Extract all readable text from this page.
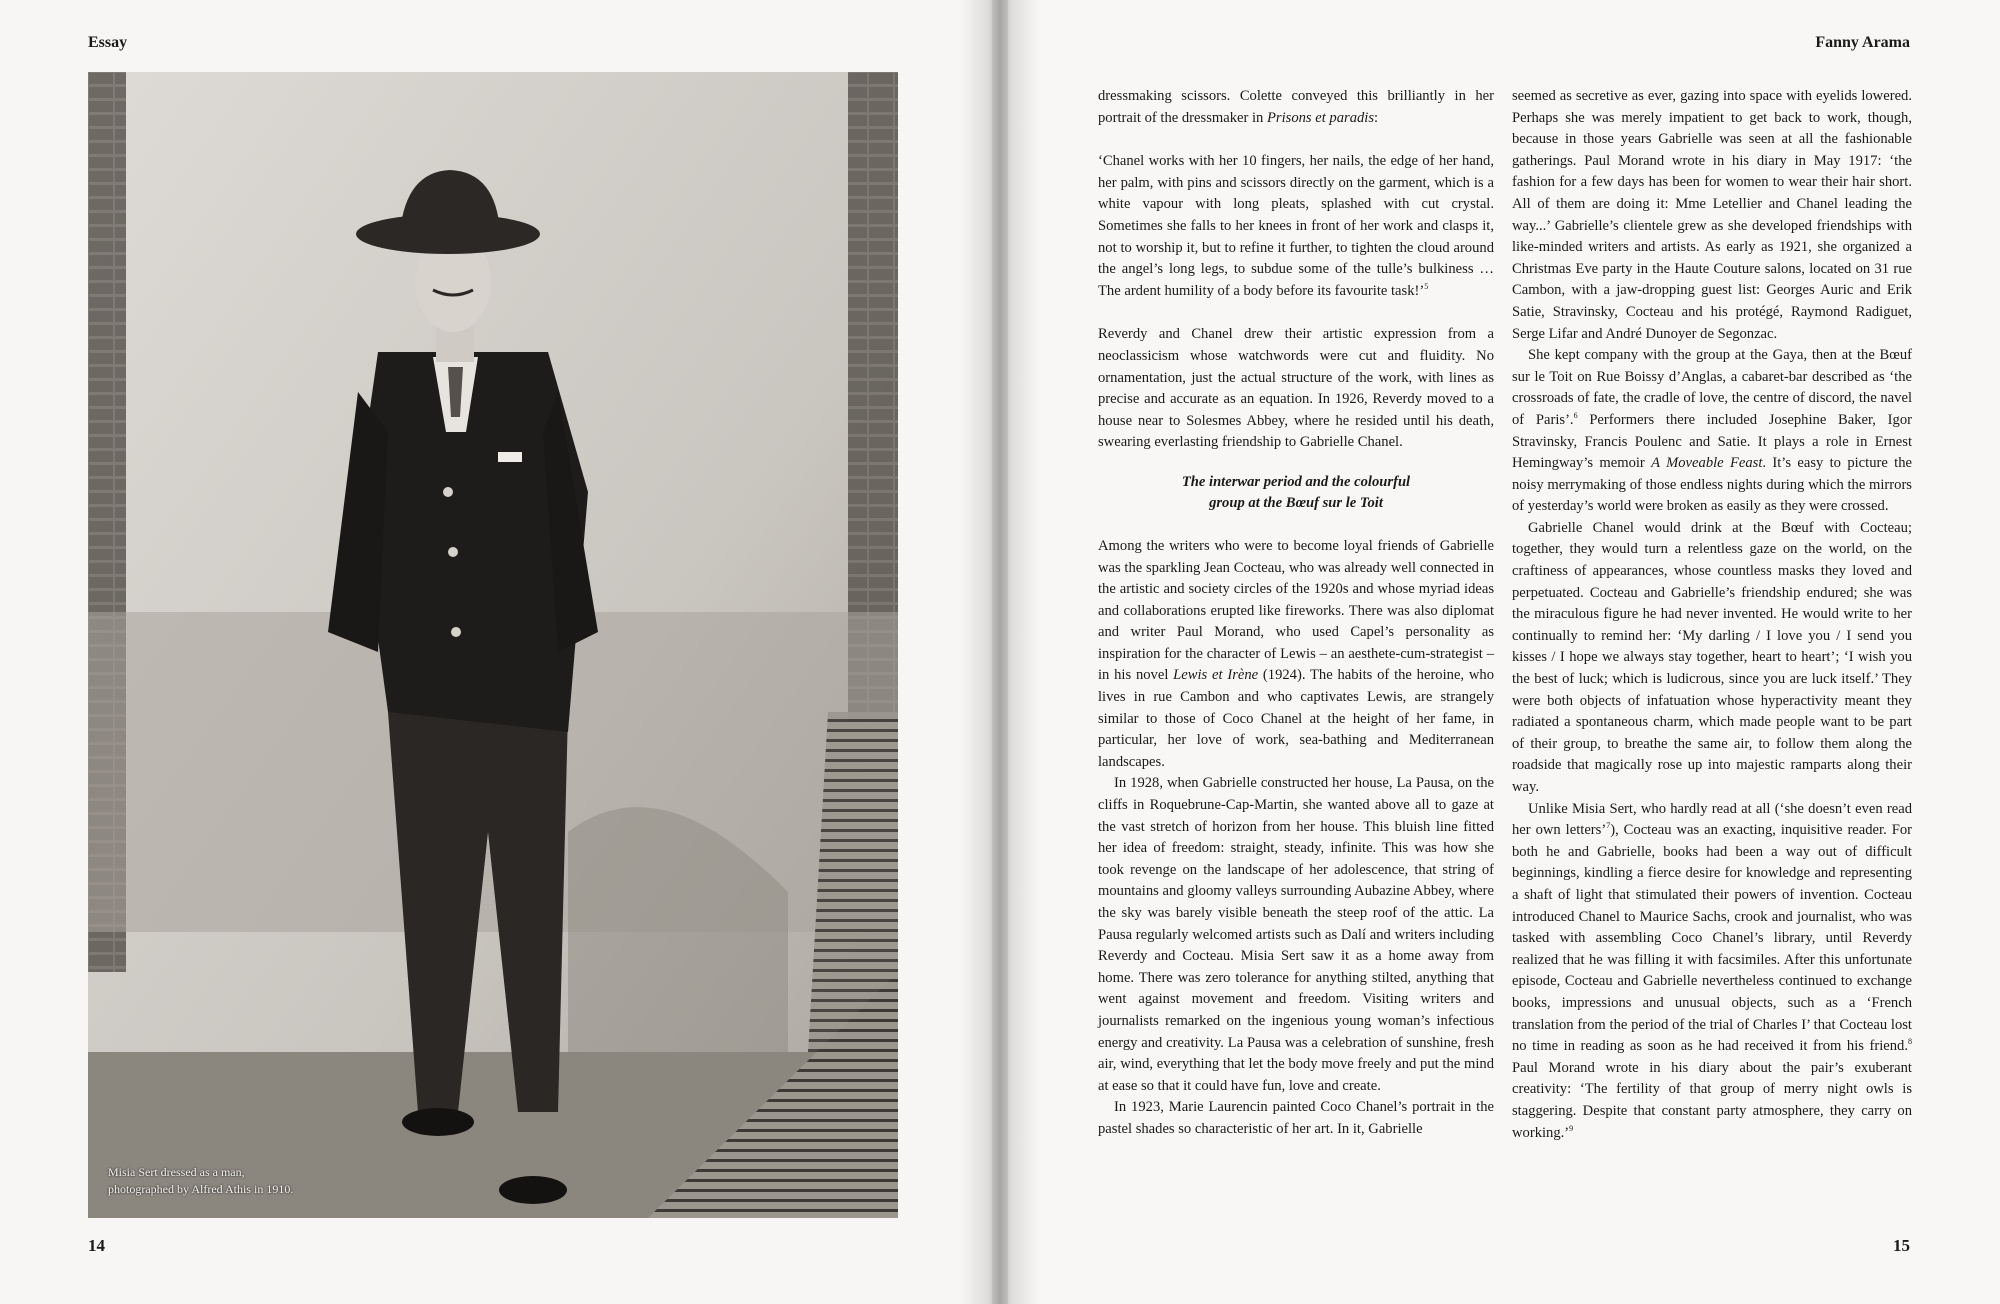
Essay
Misia Sert dressed as a man,
photographed by Alfred Athis in 1910.
14
Fanny Arama

dressmaking scissors. Colette conveyed this brilliantly in her portrait of the dressmaker in Prisons et paradis:

‘Chanel works with her 10 fingers, her nails, the edge of her hand, her palm, with pins and scissors directly on the garment, which is a white vapour with long pleats, splashed with cut crystal. Sometimes she falls to her knees in front of her work and clasps it, not to worship it, but to refine it further, to tighten the cloud around the angel’s long legs, to subdue some of the tulle’s bulkiness … The ardent humility of a body before its favourite task!’$^5$

Reverdy and Chanel drew their artistic expression from a neoclassicism whose watchwords were cut and fluidity. No ornamentation, just the actual structure of the work, with lines as precise and accurate as an equation. In 1926, Reverdy moved to a house near to Solesmes Abbey, where he resided until his death, swearing everlasting friendship to Gabrielle Chanel.

The interwar period and the colourful
group at the Bœuf sur le Toit

Among the writers who were to become loyal friends of Gabrielle was the sparkling Jean Cocteau, who was already well connected in the artistic and society circles of the 1920s and whose myriad ideas and collaborations erupted like fireworks. There was also diplomat and writer Paul Morand, who used Capel’s personality as inspiration for the character of Lewis – an aesthete-cum-strategist – in his novel Lewis et Irène (1924). The habits of the heroine, who lives in rue Cambon and who captivates Lewis, are strangely similar to those of Coco Chanel at the height of her fame, in particular, her love of work, sea-bathing and Mediterranean landscapes.

In 1928, when Gabrielle constructed her house, La Pausa, on the cliffs in Roquebrune-Cap-Martin, she wanted above all to gaze at the vast stretch of horizon from her house. This bluish line fitted her idea of freedom: straight, steady, infinite. This was how she took revenge on the landscape of her adolescence, that string of mountains and gloomy valleys surrounding Aubazine Abbey, where the sky was barely visible beneath the steep roof of the attic. La Pausa regularly welcomed artists such as Dalí and writers including Reverdy and Cocteau. Misia Sert saw it as a home away from home. There was zero tolerance for anything stilted, anything that went against movement and freedom. Visiting writers and journalists remarked on the ingenious young woman’s infectious energy and creativity. La Pausa was a celebration of sunshine, fresh air, wind, everything that let the body move freely and put the mind at ease so that it could have fun, love and create.

In 1923, Marie Laurencin painted Coco Chanel’s portrait in the pastel shades so characteristic of her art. In it, Gabrielle

seemed as secretive as ever, gazing into space with eyelids lowered. Perhaps she was merely impatient to get back to work, though, because in those years Gabrielle was seen at all the fashionable gatherings. Paul Morand wrote in his diary in May 1917: ‘the fashion for a few days has been for women to wear their hair short. All of them are doing it: Mme Letellier and Chanel leading the way...’ Gabrielle’s clientele grew as she developed friendships with like-minded writers and artists. As early as 1921, she organized a Christmas Eve party in the Haute Couture salons, located on 31 rue Cambon, with a jaw-dropping guest list: Georges Auric and Erik Satie, Stravinsky, Cocteau and his protégé, Raymond Radiguet, Serge Lifar and André Dunoyer de Segonzac.

She kept company with the group at the Gaya, then at the Bœuf sur le Toit on Rue Boissy d’Anglas, a cabaret-bar described as ‘the crossroads of fate, the cradle of love, the centre of discord, the navel of Paris’.$^6$ Performers there included Josephine Baker, Igor Stravinsky, Francis Poulenc and Satie. It plays a role in Ernest Hemingway’s memoir A Moveable Feast. It’s easy to picture the noisy merrymaking of those endless nights during which the mirrors of yesterday’s world were broken as easily as they were crossed.

Gabrielle Chanel would drink at the Bœuf with Cocteau; together, they would turn a relentless gaze on the world, on the craftiness of appearances, whose countless masks they loved and perpetuated. Cocteau and Gabrielle’s friendship endured; she was the miraculous figure he had never invented. He would write to her continually to remind her: ‘My darling / I love you / I send you kisses / I hope we always stay together, heart to heart’; ‘I wish you the best of luck; which is ludicrous, since you are luck itself.’ They were both objects of infatuation whose hyperactivity meant they radiated a spontaneous charm, which made people want to be part of their group, to breathe the same air, to follow them along the roadside that magically rose up into majestic ramparts along their way.

Unlike Misia Sert, who hardly read at all (‘she doesn’t even read her own letters’$^7$), Cocteau was an exacting, inquisitive reader. For both he and Gabrielle, books had been a way out of difficult beginnings, kindling a fierce desire for knowledge and representing a shaft of light that stimulated their powers of invention. Cocteau introduced Chanel to Maurice Sachs, crook and journalist, who was tasked with assembling Coco Chanel’s library, until Reverdy realized that he was filling it with facsimiles. After this unfortunate episode, Cocteau and Gabrielle nevertheless continued to exchange books, impressions and unusual objects, such as a ‘French translation from the period of the trial of Charles I’ that Cocteau lost no time in reading as soon as he had received it from his friend.$^8$ Paul Morand wrote in his diary about the pair’s exuberant creativity: ‘The fertility of that group of merry night owls is staggering. Despite that constant party atmosphere, they carry on working.’$^9$

15
